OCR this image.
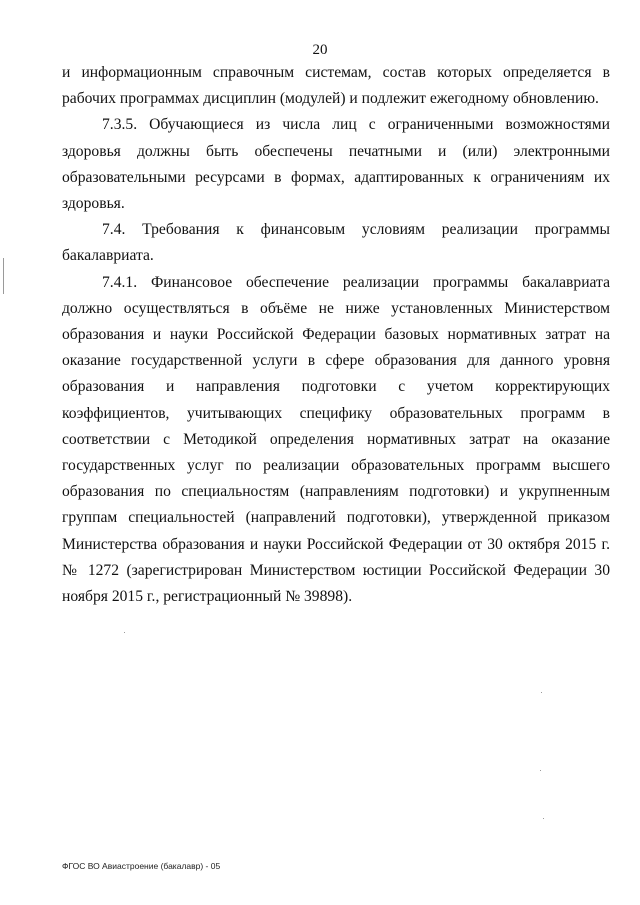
20

и информационным справочным системам, состав которых определяется в рабочих программах дисциплин (модулей) и подлежит ежегодному обновлению.

7.3.5. Обучающиеся из числа лиц с ограниченными возможностями здоровья должны быть обеспечены печатными и (или) электронными образовательными ресурсами в формах, адаптированных к ограничениям их здоровья.

7.4. Требования к финансовым условиям реализации программы бакалавриата.

7.4.1. Финансовое обеспечение реализации программы бакалавриата должно осуществляться в объёме не ниже установленных Министерством образования и науки Российской Федерации базовых нормативных затрат на оказание государственной услуги в сфере образования для данного уровня образования и направления подготовки с учетом корректирующих коэффициентов, учитывающих специфику образовательных программ в соответствии с Методикой определения нормативных затрат на оказание государственных услуг по реализации образовательных программ высшего образования по специальностям (направлениям подготовки) и укрупненным группам специальностей (направлений подготовки), утвержденной приказом Министерства образования и науки Российской Федерации от 30 октября 2015 г. № 1272 (зарегистрирован Министерством юстиции Российской Федерации 30 ноября 2015 г., регистрационный № 39898).

ФГОС ВО Авиастроение (бакалавр) - 05
